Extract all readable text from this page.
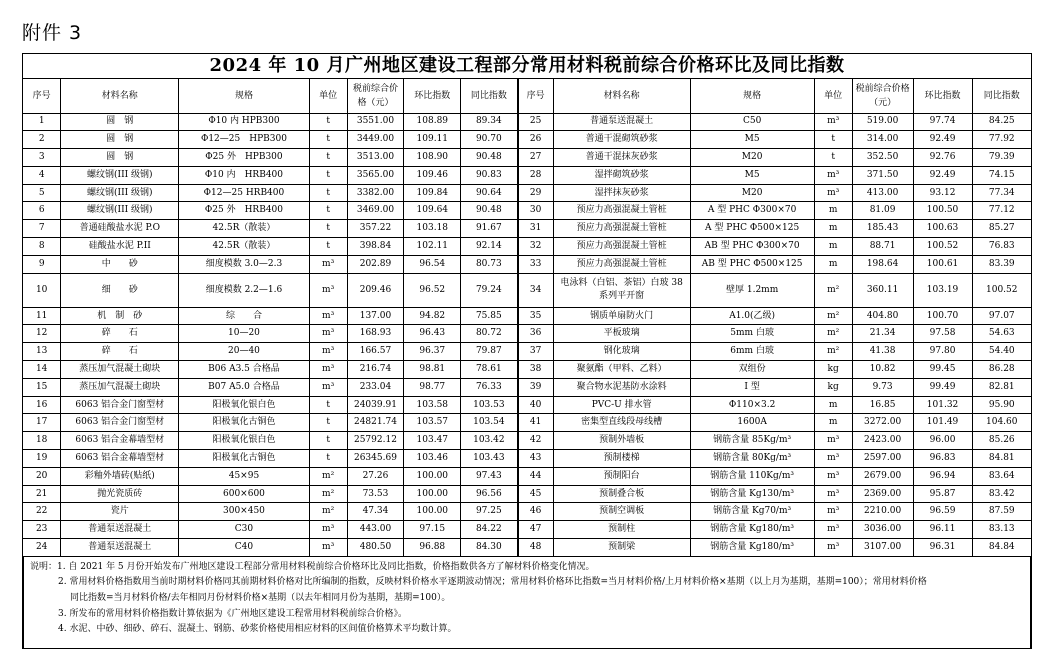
附件 3
2024 年 10 月广州地区建设工程部分常用材料税前综合价格环比及同比指数
序号	材料名称	规格	单位	税前综合价格（元）	环比指数	同比指数	序号	材料名称	规格	单位	税前综合价格（元）	环比指数	同比指数
1	圆　钢	Φ10 内 HPB300	t	3551.00	108.89	89.34	25	普通泵送混凝土	C50	m³	519.00	97.74	84.25
2	圆　钢	Φ12—25　HPB300	t	3449.00	109.11	90.70	26	普通干混砌筑砂浆	M5	t	314.00	92.49	77.92
3	圆　钢	Φ25 外　HPB300	t	3513.00	108.90	90.48	27	普通干混抹灰砂浆	M20	t	352.50	92.76	79.39
4	螺纹钢(III 级钢)	Φ10 内　HRB400	t	3565.00	109.46	90.83	28	湿拌砌筑砂浆	M5	m³	371.50	92.49	74.15
5	螺纹钢(III 级钢)	Φ12—25 HRB400	t	3382.00	109.84	90.64	29	湿拌抹灰砂浆	M20	m³	413.00	93.12	77.34
6	螺纹钢(III 级钢)	Φ25 外　HRB400	t	3469.00	109.64	90.48	30	预应力高强混凝土管桩	A 型 PHC Φ300×70	m	81.09	100.50	77.12
7	普通硅酸盐水泥 P.O	42.5R（散装）	t	357.22	103.18	91.67	31	预应力高强混凝土管桩	A 型 PHC Φ500×125	m	185.43	100.63	85.27
8	硅酸盐水泥 P.II	42.5R（散装）	t	398.84	102.11	92.14	32	预应力高强混凝土管桩	AB 型 PHC Φ300×70	m	88.71	100.52	76.83
9	中　　砂	细度模数 3.0—2.3	m³	202.89	96.54	80.73	33	预应力高强混凝土管桩	AB 型 PHC Φ500×125	m	198.64	100.61	83.39
10	细　　砂	细度模数 2.2—1.6	m³	209.46	96.52	79.24	34	电泳料（白铝、茶铝）白玻 38 系列平开窗	壁厚 1.2mm	m²	360.11	103.19	100.52
11	机　制　砂	综　　合	m³	137.00	94.82	75.85	35	钢质单扇防火门	A1.0(乙级)	m²	404.80	100.70	97.07
12	碎　　石	10—20	m³	168.93	96.43	80.72	36	平板玻璃	5mm 白玻	m²	21.34	97.58	54.63
13	碎　　石	20—40	m³	166.57	96.37	79.87	37	钢化玻璃	6mm 白玻	m²	41.38	97.80	54.40
14	蒸压加气混凝土砌块	B06 A3.5 合格品	m³	216.74	98.81	78.61	38	聚氨酯（甲料、乙料）	双组份	kg	10.82	99.45	86.28
15	蒸压加气混凝土砌块	B07 A5.0 合格品	m³	233.04	98.77	76.33	39	聚合物水泥基防水涂料	I 型	kg	9.73	99.49	82.81
16	6063 铝合金门窗型材	阳极氧化银白色	t	24039.91	103.58	103.53	40	PVC-U 排水管	Φ110×3.2	m	16.85	101.32	95.90
17	6063 铝合金门窗型材	阳极氧化古铜色	t	24821.74	103.57	103.54	41	密集型直线段母线槽	1600A	m	3272.00	101.49	104.60
18	6063 铝合金幕墙型材	阳极氧化银白色	t	25792.12	103.47	103.42	42	预制外墙板	钢筋含量 85Kg/m³	m³	2423.00	96.00	85.26
19	6063 铝合金幕墙型材	阳极氧化古铜色	t	26345.69	103.46	103.43	43	预制楼梯	钢筋含量 80Kg/m³	m³	2597.00	96.83	84.81
20	彩釉外墙砖(贴纸)	45×95	m²	27.26	100.00	97.43	44	预制阳台	钢筋含量 110Kg/m³	m³	2679.00	96.94	83.64
21	抛光瓷质砖	600×600	m²	73.53	100.00	96.56	45	预制叠合板	钢筋含量 Kg130/m³	m³	2369.00	95.87	83.42
22	瓷片	300×450	m²	47.34	100.00	97.25	46	预制空调板	钢筋含量 Kg70/m³	m³	2210.00	96.59	87.59
23	普通泵送混凝土	C30	m³	443.00	97.15	84.22	47	预制柱	钢筋含量 Kg180/m³	m³	3036.00	96.11	83.13
24	普通泵送混凝土	C40	m³	480.50	96.88	84.30	48	预制梁	钢筋含量 Kg180/m³	m³	3107.00	96.31	84.84
说明：1. 自 2021 年 5 月份开始发布广州地区建设工程部分常用材料税前综合价格环比及同比指数，价格指数供各方了解材料价格变化情况。
2. 常用材料价格指数用当前时期材料价格同其前期材料价格对比所编制的指数，反映材料价格水平逐期波动情况；常用材料价格环比指数=当月材料价格/上月材料价格×基期（以上月为基期，基期=100）；常用材料价格
同比指数=当月材料价格/去年相同月份材料价格×基期（以去年相同月份为基期，基期=100）。
3. 所发布的常用材料价格指数计算依据为《广州地区建设工程常用材料税前综合价格》。
4. 水泥、中砂、细砂、碎石、混凝土、钢筋、砂浆价格使用相应材料的区间值价格算术平均数计算。
